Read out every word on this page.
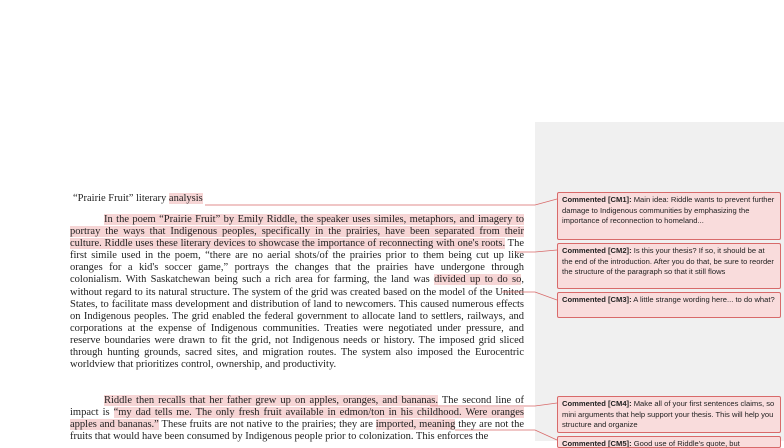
“Prairie Fruit” literary analysis

In the poem “Prairie Fruit” by Emily Riddle, the speaker uses similes, metaphors, and imagery to portray the ways that Indigenous peoples, specifically in the prairies, have been separated from their culture. Riddle uses these literary devices to showcase the importance of reconnecting with one's roots. The first simile used in the poem, “there are no aerial shots/of the prairies prior to them being cut up like oranges for a kid's soccer game,” portrays the changes that the prairies have undergone through colonialism. With Saskatchewan being such a rich area for farming, the land was divided up to do so, without regard to its natural structure. The system of the grid was created based on the model of the United States, to facilitate mass development and distribution of land to newcomers. This caused numerous effects on Indigenous peoples. The grid enabled the federal government to allocate land to settlers, railways, and corporations at the expense of Indigenous communities. Treaties were negotiated under pressure, and reserve boundaries were drawn to fit the grid, not Indigenous needs or history. The imposed grid sliced through hunting grounds, sacred sites, and migration routes. The system also imposed the Eurocentric worldview that prioritizes control, ownership, and productivity.

Riddle then recalls that her father grew up on apples, oranges, and bananas. The second line of impact is “my dad tells me. The only fresh fruit available in edmon/ton in his childhood. Were oranges apples and bananas.” These fruits are not native to the prairies; they are imported, meaning they are not the fruits that would have been consumed by Indigenous people prior to colonization. This enforces the

Commented [CM1]: Main idea: Riddle wants to prevent further damage to Indigenous communities by emphasizing the importance of reconnection to homeland...
Commented [CM2]: Is this your thesis? If so, it should be at the end of the introduction. After you do that, be sure to reorder the structure of the paragraph so that it still flows
Commented [CM3]: A little strange wording here... to do what?
Commented [CM4]: Make all of your first sentences claims, so mini arguments that help support your thesis. This will help you structure and organize
Commented [CM5]: Good use of Riddle's quote, but
